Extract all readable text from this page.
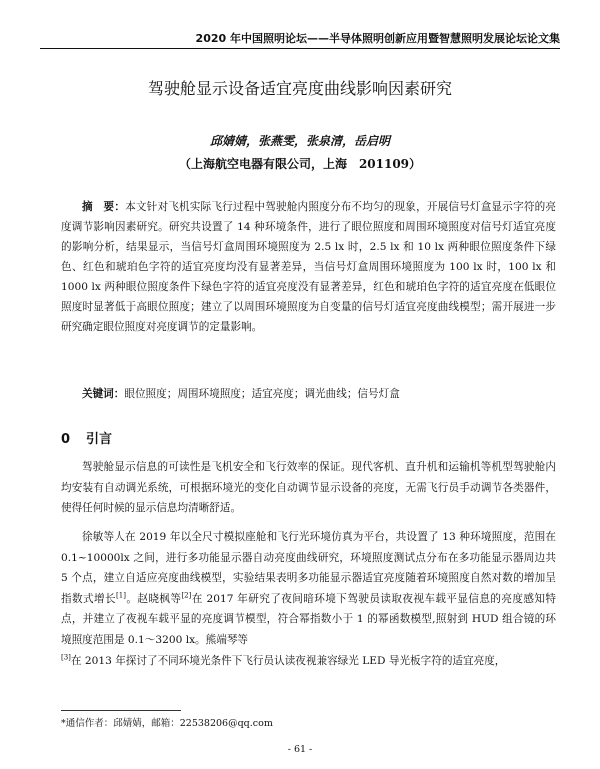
2020 年中国照明论坛——半导体照明创新应用暨智慧照明发展论坛论文集
驾驶舱显示设备适宜亮度曲线影响因素研究
邱婧婧，张燕雯，张泉清，岳启明
（上海航空电器有限公司，上海　201109）

摘　要：本文针对飞机实际飞行过程中驾驶舱内照度分布不均匀的现象，开展信号灯盒显示字符的亮度调节影响因素研究。研究共设置了 14 种环境条件，进行了眼位照度和周围环境照度对信号灯适宜亮度的影响分析，结果显示，当信号灯盒周围环境照度为 2.5 lx 时，2.5 lx 和 10 lx 两种眼位照度条件下绿色、红色和琥珀色字符的适宜亮度均没有显著差异，当信号灯盒周围环境照度为 100 lx 时，100 lx 和 1000 lx 两种眼位照度条件下绿色字符的适宜亮度没有显著差异，红色和琥珀色字符的适宜亮度在低眼位照度时显著低于高眼位照度；建立了以周围环境照度为自变量的信号灯适宜亮度曲线模型；需开展进一步研究确定眼位照度对亮度调节的定量影响。

关键词：眼位照度；周围环境照度；适宜亮度；调光曲线；信号灯盒

0 引言

驾驶舱显示信息的可读性是飞机安全和飞行效率的保证。现代客机、直升机和运输机等机型驾驶舱内均安装有自动调光系统，可根据环境光的变化自动调节显示设备的亮度，无需飞行员手动调节各类器件，使得任何时候的显示信息均清晰舒适。

徐敏等人在 2019 年以全尺寸模拟座舱和飞行光环境仿真为平台，共设置了 13 种环境照度，范围在 0.1~10000lx 之间，进行多功能显示器自动亮度曲线研究，环境照度测试点分布在多功能显示器周边共 5 个点，建立自适应亮度曲线模型，实验结果表明多功能显示器适宜亮度随着环境照度自然对数的增加呈指数式增长[1]。赵晓枫等[2]在 2017 年研究了夜间暗环境下驾驶员读取夜视车载平显信息的亮度感知特点，并建立了夜视车载平显的亮度调节模型，符合幂指数小于 1 的幂函数模型,照射到 HUD 组合镜的环境照度范围是 0.1～3200 lx。熊端琴等
[3]在 2013 年探讨了不同环境光条件下飞行员认读夜视兼容绿光 LED 导光板字符的适宜亮度，

*通信作者：邱婧婧，邮箱：22538206@qq.com
- 61 -
